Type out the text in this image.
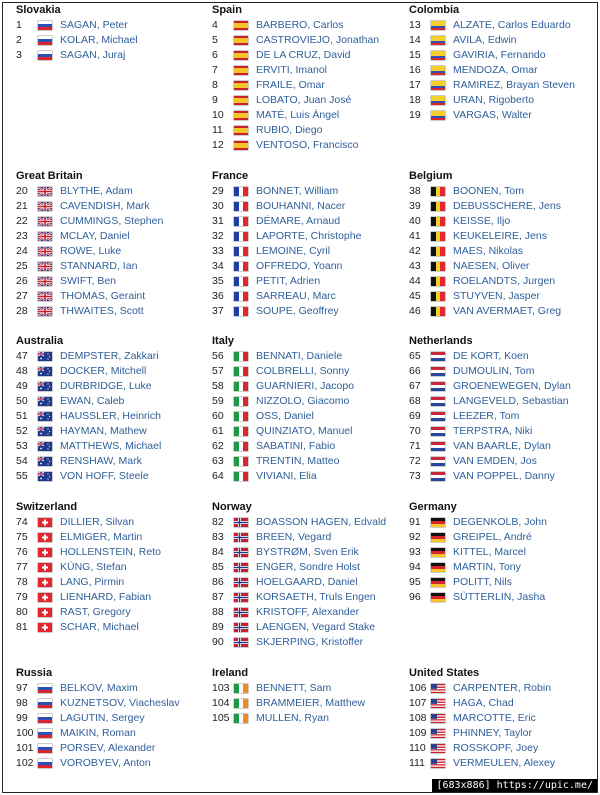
Slovakia
1	SAGAN, Peter
2	KOLAR, Michael
3	SAGAN, Juraj
Spain
4	BARBERO, Carlos
5	CASTROVIEJO, Jonathan
6	DE LA CRUZ, David
7	ERVITI, Imanol
8	FRAILE, Omar
9	LOBATO, Juan José
10	MATÉ, Luis Ángel
11	RUBIO, Diego
12	VENTOSO, Francisco
Colombia
13	ALZATE, Carlos Eduardo
14	AVILA, Edwin
15	GAVIRIA, Fernando
16	MENDOZA, Omar
17	RAMIREZ, Brayan Steven
18	URAN, Rigoberto
19	VARGAS, Walter
Great Britain
20	BLYTHE, Adam
21	CAVENDISH, Mark
22	CUMMINGS, Stephen
23	MCLAY, Daniel
24	ROWE, Luke
25	STANNARD, Ian
26	SWIFT, Ben
27	THOMAS, Geraint
28	THWAITES, Scott
France
29	BONNET, William
30	BOUHANNI, Nacer
31	DÉMARE, Arnaud
32	LAPORTE, Christophe
33	LEMOINE, Cyril
34	OFFREDO, Yoann
35	PETIT, Adrien
36	SARREAU, Marc
37	SOUPE, Geoffrey
Belgium
38	BOONEN, Tom
39	DEBUSSCHERE, Jens
40	KEISSE, Iljo
41	KEUKELEIRE, Jens
42	MAES, Nikolas
43	NAESEN, Oliver
44	ROELANDTS, Jurgen
45	STUYVEN, Jasper
46	VAN AVERMAET, Greg
Australia
47	DEMPSTER, Zakkari
48	DOCKER, Mitchell
49	DURBRIDGE, Luke
50	EWAN, Caleb
51	HAUSSLER, Heinrich
52	HAYMAN, Mathew
53	MATTHEWS, Michael
54	RENSHAW, Mark
55	VON HOFF, Steele
Italy
56	BENNATI, Daniele
57	COLBRELLI, Sonny
58	GUARNIERI, Jacopo
59	NIZZOLO, Giacomo
60	OSS, Daniel
61	QUINZIATO, Manuel
62	SABATINI, Fabio
63	TRENTIN, Matteo
64	VIVIANI, Elia
Netherlands
65	DE KORT, Koen
66	DUMOULIN, Tom
67	GROENEWEGEN, Dylan
68	LANGEVELD, Sebastian
69	LEEZER, Tom
70	TERPSTRA, Niki
71	VAN BAARLE, Dylan
72	VAN EMDEN, Jos
73	VAN POPPEL, Danny
Switzerland
74	DILLIER, Silvan
75	ELMIGER, Martin
76	HOLLENSTEIN, Reto
77	KÜNG, Stefan
78	LANG, Pirmin
79	LIENHARD, Fabian
80	RAST, Gregory
81	SCHAR, Michael
Norway
82	BOASSON HAGEN, Edvald
83	BREEN, Vegard
84	BYSTRØM, Sven Erik
85	ENGER, Sondre Holst
86	HOELGAARD, Daniel
87	KORSAETH, Truls Engen
88	KRISTOFF, Alexander
89	LAENGEN, Vegard Stake
90	SKJERPING, Kristoffer
Germany
91	DEGENKOLB, John
92	GREIPEL, André
93	KITTEL, Marcel
94	MARTIN, Tony
95	POLITT, Nils
96	SÜTTERLIN, Jasha
Russia
97	BELKOV, Maxim
98	KUZNETSOV, Viacheslav
99	LAGUTIN, Sergey
100	MAIKIN, Roman
101	PORSEV, Alexander
102	VOROBYEV, Anton
Ireland
103	BENNETT, Sam
104	BRAMMEIER, Matthew
105	MULLEN, Ryan
United States
106	CARPENTER, Robin
107	HAGA, Chad
108	MARCOTTE, Eric
109	PHINNEY, Taylor
110	ROSSKOPF, Joey
111	VERMEULEN, Alexey
[683x886] https://upic.me/
